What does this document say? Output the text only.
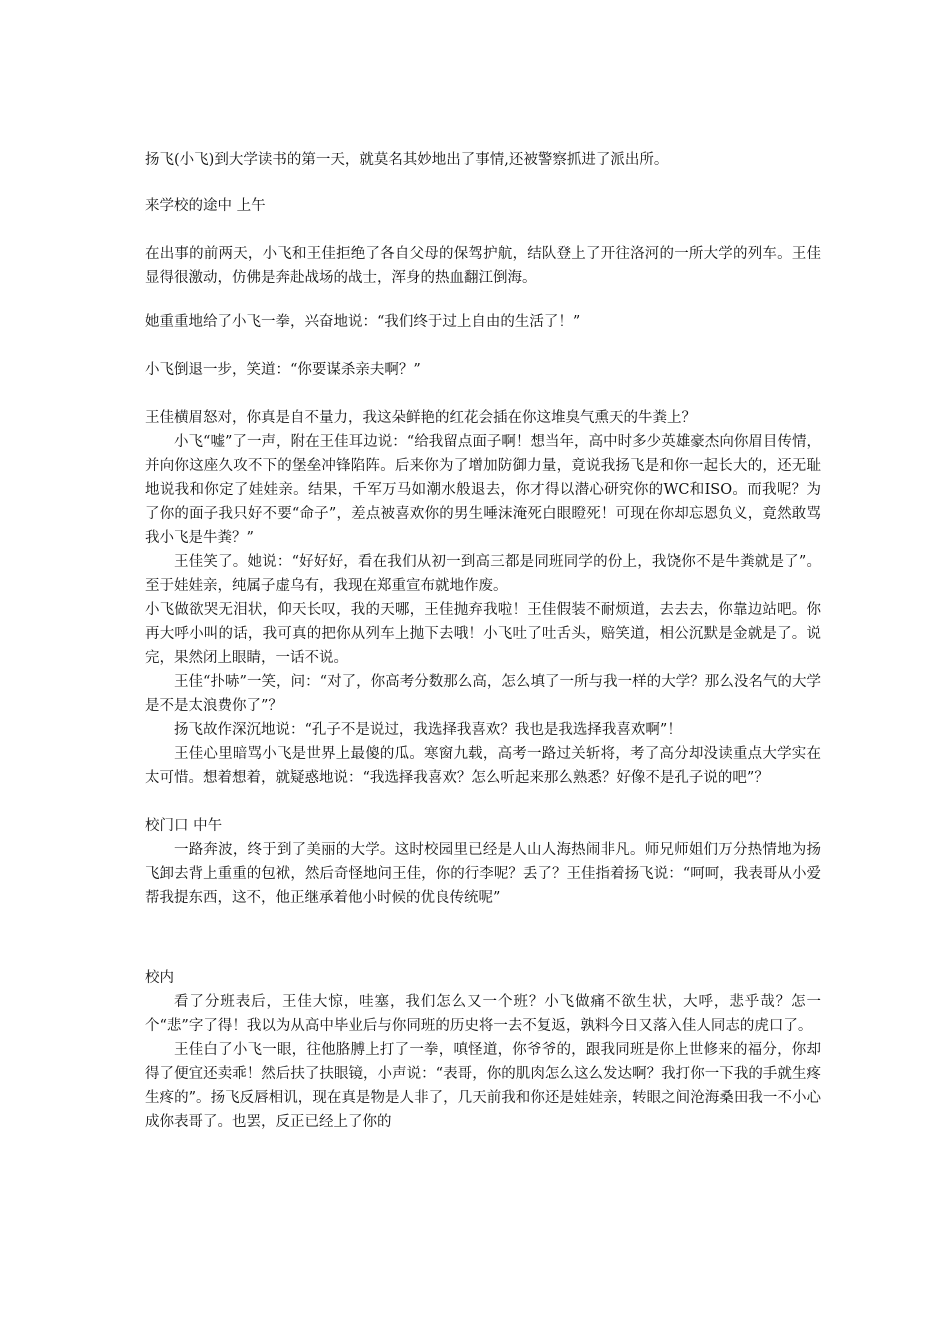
扬飞(小飞)到大学读书的第一天，就莫名其妙地出了事情,还被警察抓进了派出所。

来学校的途中 上午

在出事的前两天，小飞和王佳拒绝了各自父母的保驾护航，结队登上了开往洛河的一所大学的列车。王佳显得很激动，仿佛是奔赴战场的战士，浑身的热血翻江倒海。

她重重地给了小飞一拳，兴奋地说：“我们终于过上自由的生活了！”

小飞倒退一步，笑道：“你要谋杀亲夫啊？”

王佳横眉怒对，你真是自不量力，我这朵鲜艳的红花会插在你这堆臭气熏天的牛粪上？

小飞“嘘”了一声，附在王佳耳边说：“给我留点面子啊！想当年，高中时多少英雄豪杰向你眉目传情，并向你这座久攻不下的堡垒冲锋陷阵。后来你为了增加防御力量，竟说我扬飞是和你一起长大的，还无耻地说我和你定了娃娃亲。结果，千军万马如潮水般退去，你才得以潜心研究你的WC和ISO。而我呢？为了你的面子我只好不要“命子”，差点被喜欢你的男生唾沫淹死白眼瞪死！可现在你却忘恩负义，竟然敢骂我小飞是牛粪？”

王佳笑了。她说：“好好好，看在我们从初一到高三都是同班同学的份上，我饶你不是牛粪就是了”。至于娃娃亲，纯属子虚乌有，我现在郑重宣布就地作废。

小飞做欲哭无泪状，仰天长叹，我的天哪，王佳抛弃我啦！王佳假装不耐烦道，去去去，你靠边站吧。你再大呼小叫的话，我可真的把你从列车上抛下去哦！小飞吐了吐舌头，赔笑道，相公沉默是金就是了。说完，果然闭上眼睛，一话不说。

王佳“扑哧”一笑，问：“对了，你高考分数那么高，怎么填了一所与我一样的大学？那么没名气的大学是不是太浪费你了”？

扬飞故作深沉地说：“孔子不是说过，我选择我喜欢？我也是我选择我喜欢啊”！

王佳心里暗骂小飞是世界上最傻的瓜。寒窗九载，高考一路过关斩将，考了高分却没读重点大学实在太可惜。想着想着，就疑惑地说：“我选择我喜欢？怎么听起来那么熟悉？好像不是孔子说的吧”？

校门口 中午

一路奔波，终于到了美丽的大学。这时校园里已经是人山人海热闹非凡。师兄师姐们万分热情地为扬飞卸去背上重重的包袱，然后奇怪地问王佳，你的行李呢？丢了？王佳指着扬飞说：“呵呵，我表哥从小爱帮我提东西，这不，他正继承着他小时候的优良传统呢”

校内

看了分班表后，王佳大惊，哇塞，我们怎么又一个班？小飞做痛不欲生状，大呼，悲乎哉？怎一个“悲”字了得！我以为从高中毕业后与你同班的历史将一去不复返，孰料今日又落入佳人同志的虎口了。

王佳白了小飞一眼，往他胳膊上打了一拳，嗔怪道，你爷爷的，跟我同班是你上世修来的福分，你却得了便宜还卖乖！然后扶了扶眼镜，小声说：“表哥，你的肌肉怎么这么发达啊？我打你一下我的手就生疼生疼的”。扬飞反唇相讥，现在真是物是人非了，几天前我和你还是娃娃亲，转眼之间沧海桑田我一不小心成你表哥了。也罢，反正已经上了你的
